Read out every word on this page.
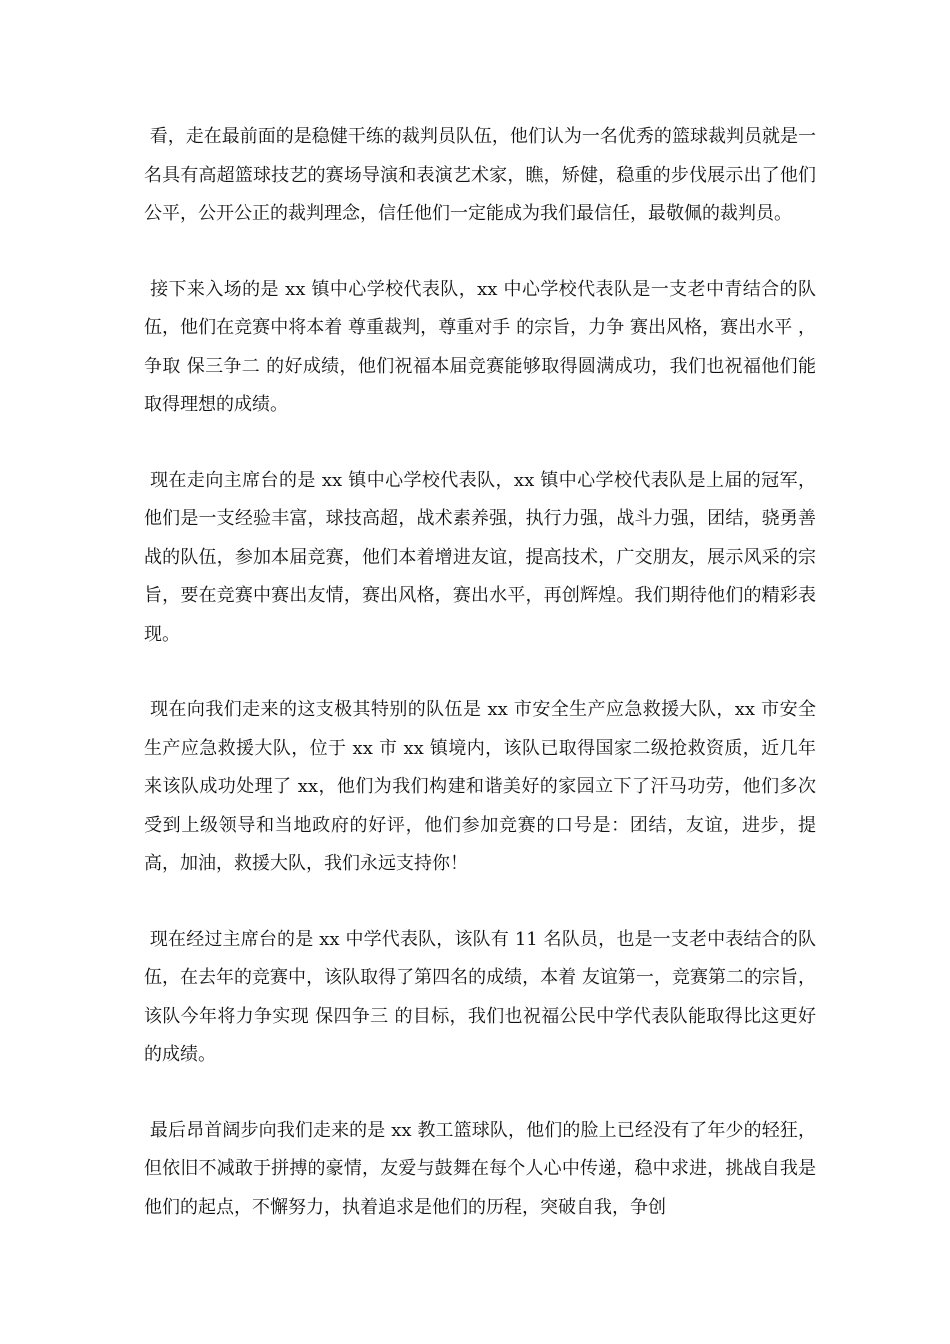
看，走在最前面的是稳健干练的裁判员队伍，他们认为一名优秀的篮球裁判员就是一名具有高超篮球技艺的赛场导演和表演艺术家，瞧，矫健，稳重的步伐展示出了他们公平，公开公正的裁判理念，信任他们一定能成为我们最信任，最敬佩的裁判员。

接下来入场的是 xx 镇中心学校代表队，xx 中心学校代表队是一支老中青结合的队伍，他们在竞赛中将本着 尊重裁判，尊重对手 的宗旨，力争 赛出风格，赛出水平 ，争取 保三争二 的好成绩，他们祝福本届竞赛能够取得圆满成功，我们也祝福他们能取得理想的成绩。

现在走向主席台的是 xx 镇中心学校代表队，xx 镇中心学校代表队是上届的冠军，他们是一支经验丰富，球技高超，战术素养强，执行力强，战斗力强，团结，骁勇善战的队伍，参加本届竞赛，他们本着增进友谊，提高技术，广交朋友，展示风采的宗旨，要在竞赛中赛出友情，赛出风格，赛出水平，再创辉煌。我们期待他们的精彩表现。

现在向我们走来的这支极其特别的队伍是 xx 市安全生产应急救援大队，xx 市安全生产应急救援大队，位于 xx 市 xx 镇境内，该队已取得国家二级抢救资质，近几年来该队成功处理了 xx，他们为我们构建和谐美好的家园立下了汗马功劳，他们多次受到上级领导和当地政府的好评，他们参加竞赛的口号是：团结，友谊，进步，提高，加油，救援大队，我们永远支持你！

现在经过主席台的是 xx 中学代表队，该队有 11 名队员，也是一支老中表结合的队伍，在去年的竞赛中，该队取得了第四名的成绩，本着 友谊第一，竞赛第二的宗旨，该队今年将力争实现 保四争三 的目标，我们也祝福公民中学代表队能取得比这更好的成绩。

最后昂首阔步向我们走来的是 xx 教工篮球队，他们的脸上已经没有了年少的轻狂，但依旧不减敢于拼搏的豪情，友爱与鼓舞在每个人心中传递，稳中求进，挑战自我是他们的起点，不懈努力，执着追求是他们的历程，突破自我，争创
